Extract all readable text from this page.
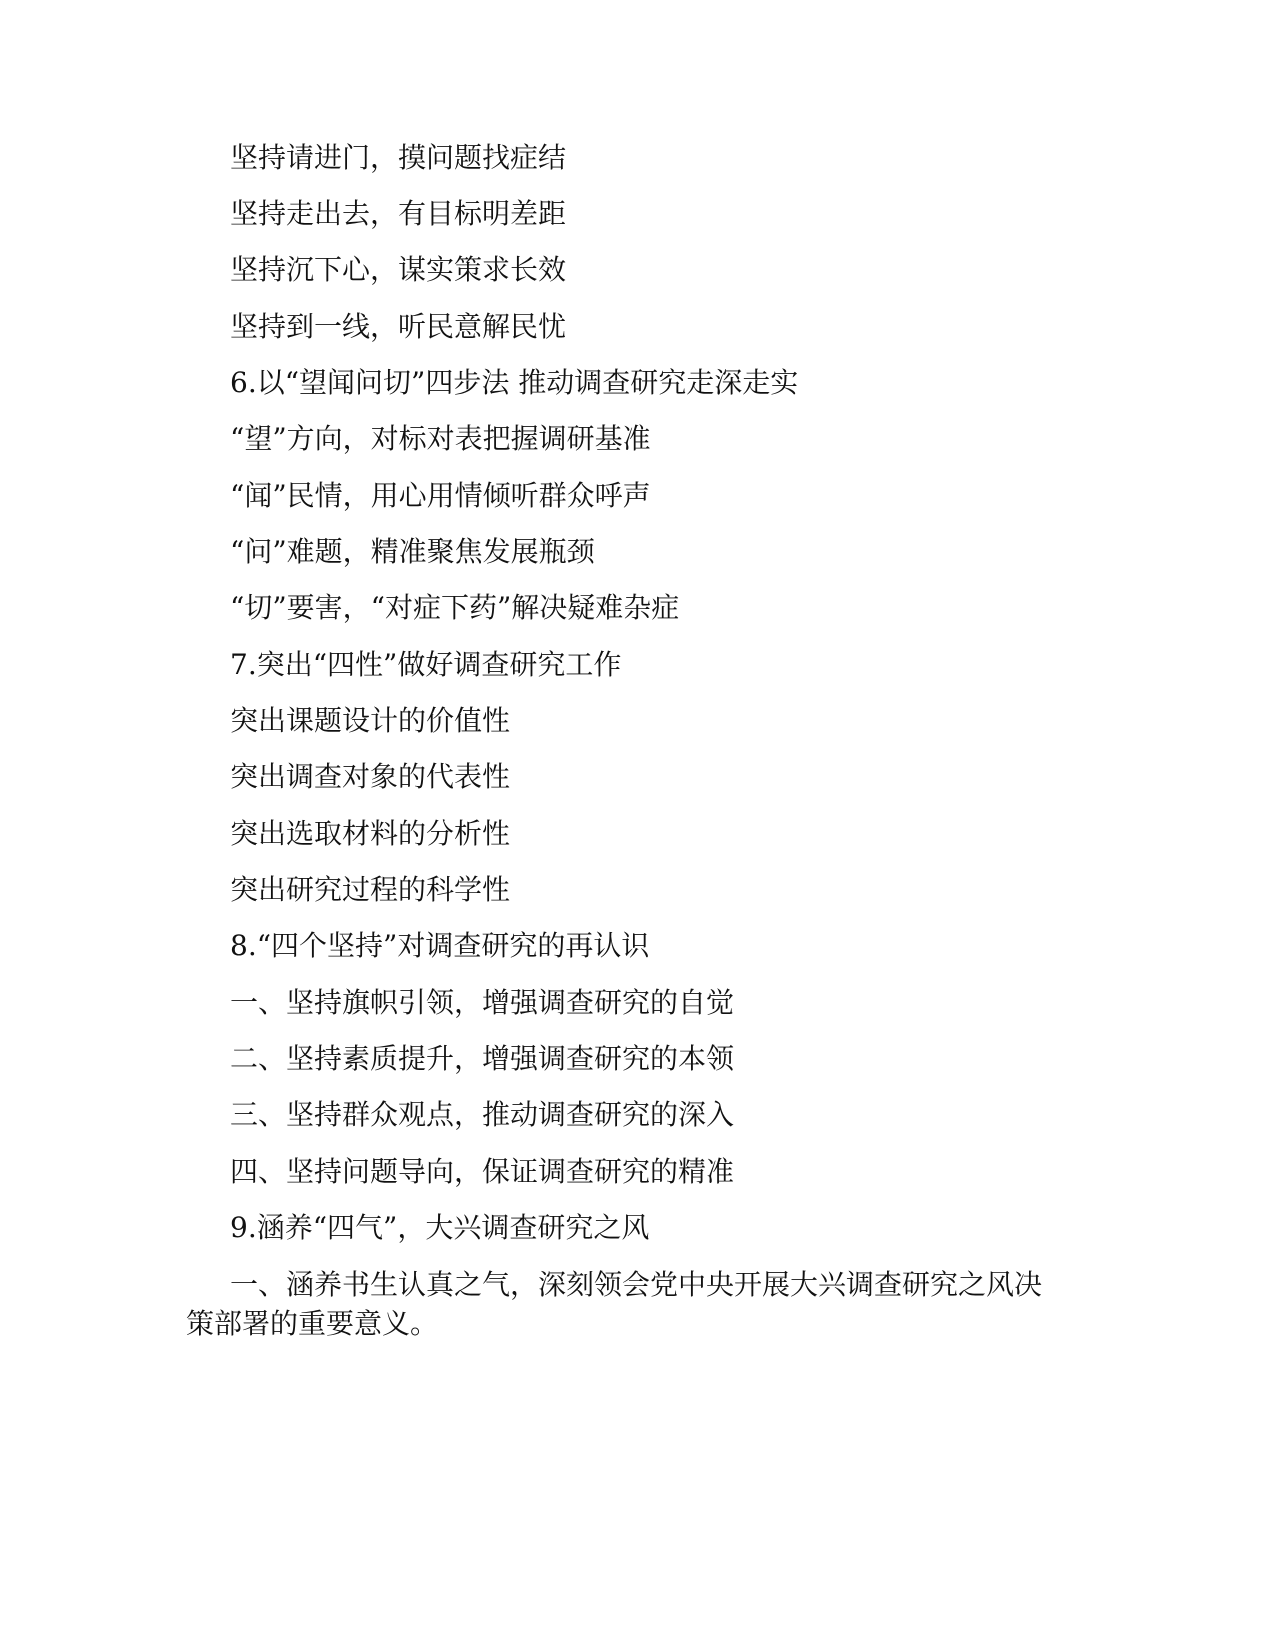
坚持请进门，摸问题找症结
坚持走出去，有目标明差距
坚持沉下心，谋实策求长效
坚持到一线，听民意解民忧
6.以“望闻问切”四步法 推动调查研究走深走实
“望”方向，对标对表把握调研基准
“闻”民情，用心用情倾听群众呼声
“问”难题，精准聚焦发展瓶颈
“切”要害，“对症下药”解决疑难杂症
7.突出“四性”做好调查研究工作
突出课题设计的价值性
突出调查对象的代表性
突出选取材料的分析性
突出研究过程的科学性
8.“四个坚持”对调查研究的再认识
一、坚持旗帜引领，增强调查研究的自觉
二、坚持素质提升，增强调查研究的本领
三、坚持群众观点，推动调查研究的深入
四、坚持问题导向，保证调查研究的精准
9.涵养“四气”，大兴调查研究之风
一、涵养书生认真之气，深刻领会党中央开展大兴调查研究之风决
策部署的重要意义。
